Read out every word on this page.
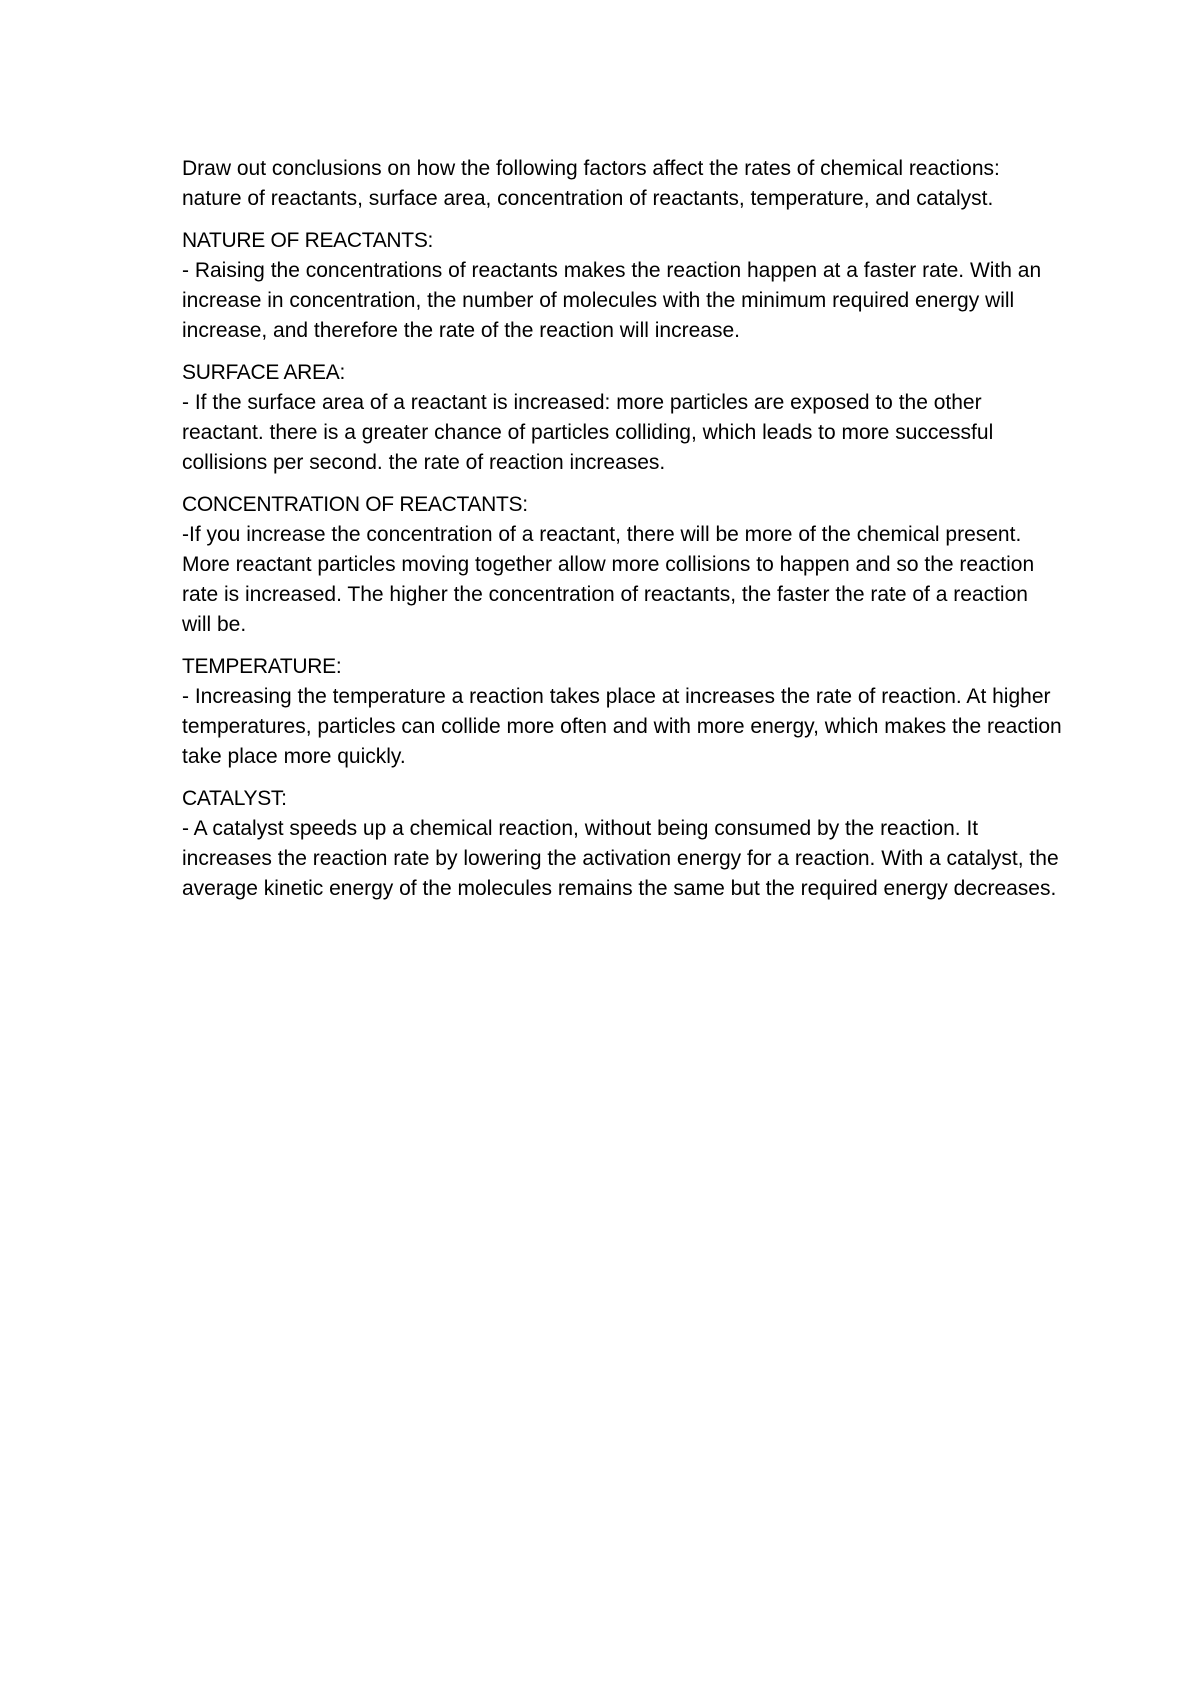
Draw out conclusions on how the following factors affect the rates of chemical reactions: nature of reactants, surface area, concentration of reactants, temperature, and catalyst.

NATURE OF REACTANTS:

- Raising the concentrations of reactants makes the reaction happen at a faster rate. With an increase in concentration, the number of molecules with the minimum required energy will increase, and therefore the rate of the reaction will increase.

SURFACE AREA:

- If the surface area of a reactant is increased: more particles are exposed to the other reactant. there is a greater chance of particles colliding, which leads to more successful collisions per second. the rate of reaction increases.

CONCENTRATION OF REACTANTS:

-If you increase the concentration of a reactant, there will be more of the chemical present. More reactant particles moving together allow more collisions to happen and so the reaction rate is increased. The higher the concentration of reactants, the faster the rate of a reaction will be.

TEMPERATURE:

- Increasing the temperature a reaction takes place at increases the rate of reaction. At higher temperatures, particles can collide more often and with more energy, which makes the reaction take place more quickly.

CATALYST:

- A catalyst speeds up a chemical reaction, without being consumed by the reaction. It increases the reaction rate by lowering the activation energy for a reaction. With a catalyst, the average kinetic energy of the molecules remains the same but the required energy decreases.
